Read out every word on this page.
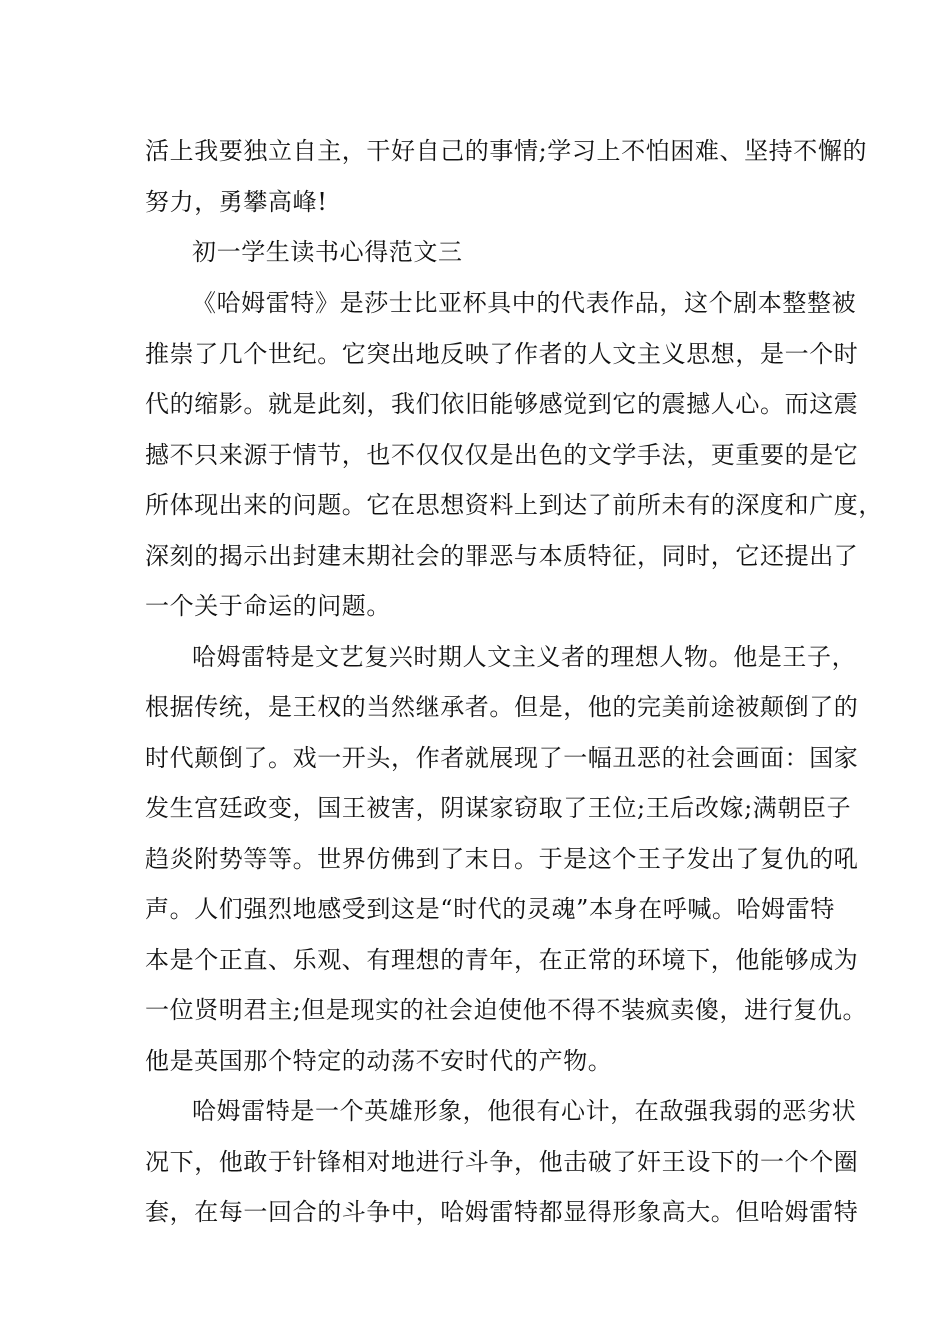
活上我要独立自主，干好自己的事情;学习上不怕困难、坚持不懈的
努力，勇攀高峰!
初一学生读书心得范文三
《哈姆雷特》是莎士比亚杯具中的代表作品，这个剧本整整被
推崇了几个世纪。它突出地反映了作者的人文主义思想，是一个时
代的缩影。就是此刻，我们依旧能够感觉到它的震撼人心。而这震
撼不只来源于情节，也不仅仅仅是出色的文学手法，更重要的是它
所体现出来的问题。它在思想资料上到达了前所未有的深度和广度，
深刻的揭示出封建末期社会的罪恶与本质特征，同时，它还提出了
一个关于命运的问题。
哈姆雷特是文艺复兴时期人文主义者的理想人物。他是王子，
根据传统，是王权的当然继承者。但是，他的完美前途被颠倒了的
时代颠倒了。戏一开头，作者就展现了一幅丑恶的社会画面：国家
发生宫廷政变，国王被害，阴谋家窃取了王位;王后改嫁;满朝臣子
趋炎附势等等。世界仿佛到了末日。于是这个王子发出了复仇的吼
声。人们强烈地感受到这是“时代的灵魂”本身在呼喊。哈姆雷特
本是个正直、乐观、有理想的青年，在正常的环境下，他能够成为
一位贤明君主;但是现实的社会迫使他不得不装疯卖傻，进行复仇。
他是英国那个特定的动荡不安时代的产物。
哈姆雷特是一个英雄形象，他很有心计，在敌强我弱的恶劣状
况下，他敢于针锋相对地进行斗争，他击破了奸王设下的一个个圈
套，在每一回合的斗争中，哈姆雷特都显得形象高大。但哈姆雷特
